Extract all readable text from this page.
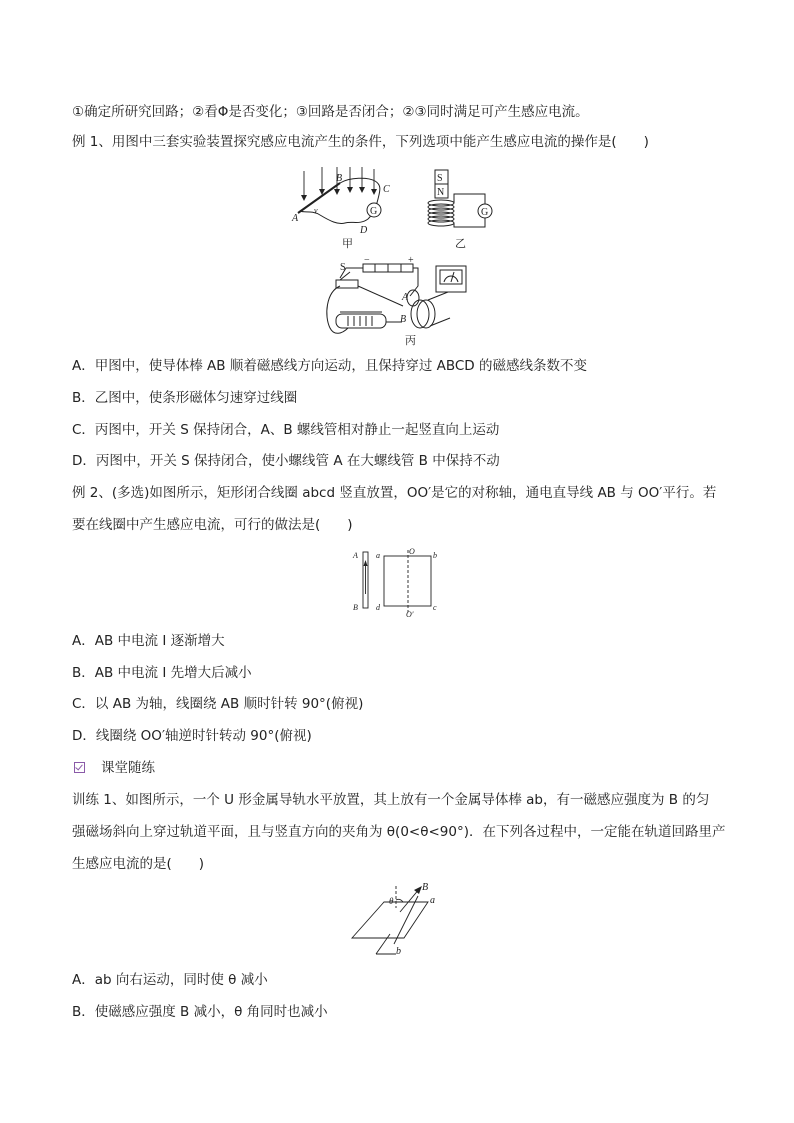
①确定所研究回路；②看Φ是否变化；③回路是否闭合；②③同时满足可产生感应电流。
例 1、用图中三套实验装置探究感应电流产生的条件，下列选项中能产生感应电流的操作是(　　)
G
A
B
C
D
v
甲
S
N
G
乙
S
−	+
A
B
丙
A．甲图中，使导体棒 AB 顺着磁感线方向运动，且保持穿过 ABCD 的磁感线条数不变
B．乙图中，使条形磁体匀速穿过线圈
C．丙图中，开关 S 保持闭合，A、B 螺线管相对静止一起竖直向上运动
D．丙图中，开关 S 保持闭合，使小螺线管 A 在大螺线管 B 中保持不动
例 2、(多选)如图所示，矩形闭合线圈 abcd 竖直放置，OO′是它的对称轴，通电直导线 AB 与 OO′平行。若
要在线圈中产生感应电流，可行的做法是(　　)
A
B
a
d
b
c
O
O′
A．AB 中电流 I 逐渐增大
B．AB 中电流 I 先增大后减小
C．以 AB 为轴，线圈绕 AB 顺时针转 90°(俯视)
D．线圈绕 OO′轴逆时针转动 90°(俯视)
课堂随练
训练 1、如图所示，一个 U 形金属导轨水平放置，其上放有一个金属导体棒 ab，有一磁感应强度为 B 的匀
强磁场斜向上穿过轨道平面，且与竖直方向的夹角为 θ(0<θ<90°)．在下列各过程中，一定能在轨道回路里产
生感应电流的是(　　)
B
a
b
θ
A．ab 向右运动，同时使 θ 减小
B．使磁感应强度 B 减小，θ 角同时也减小
